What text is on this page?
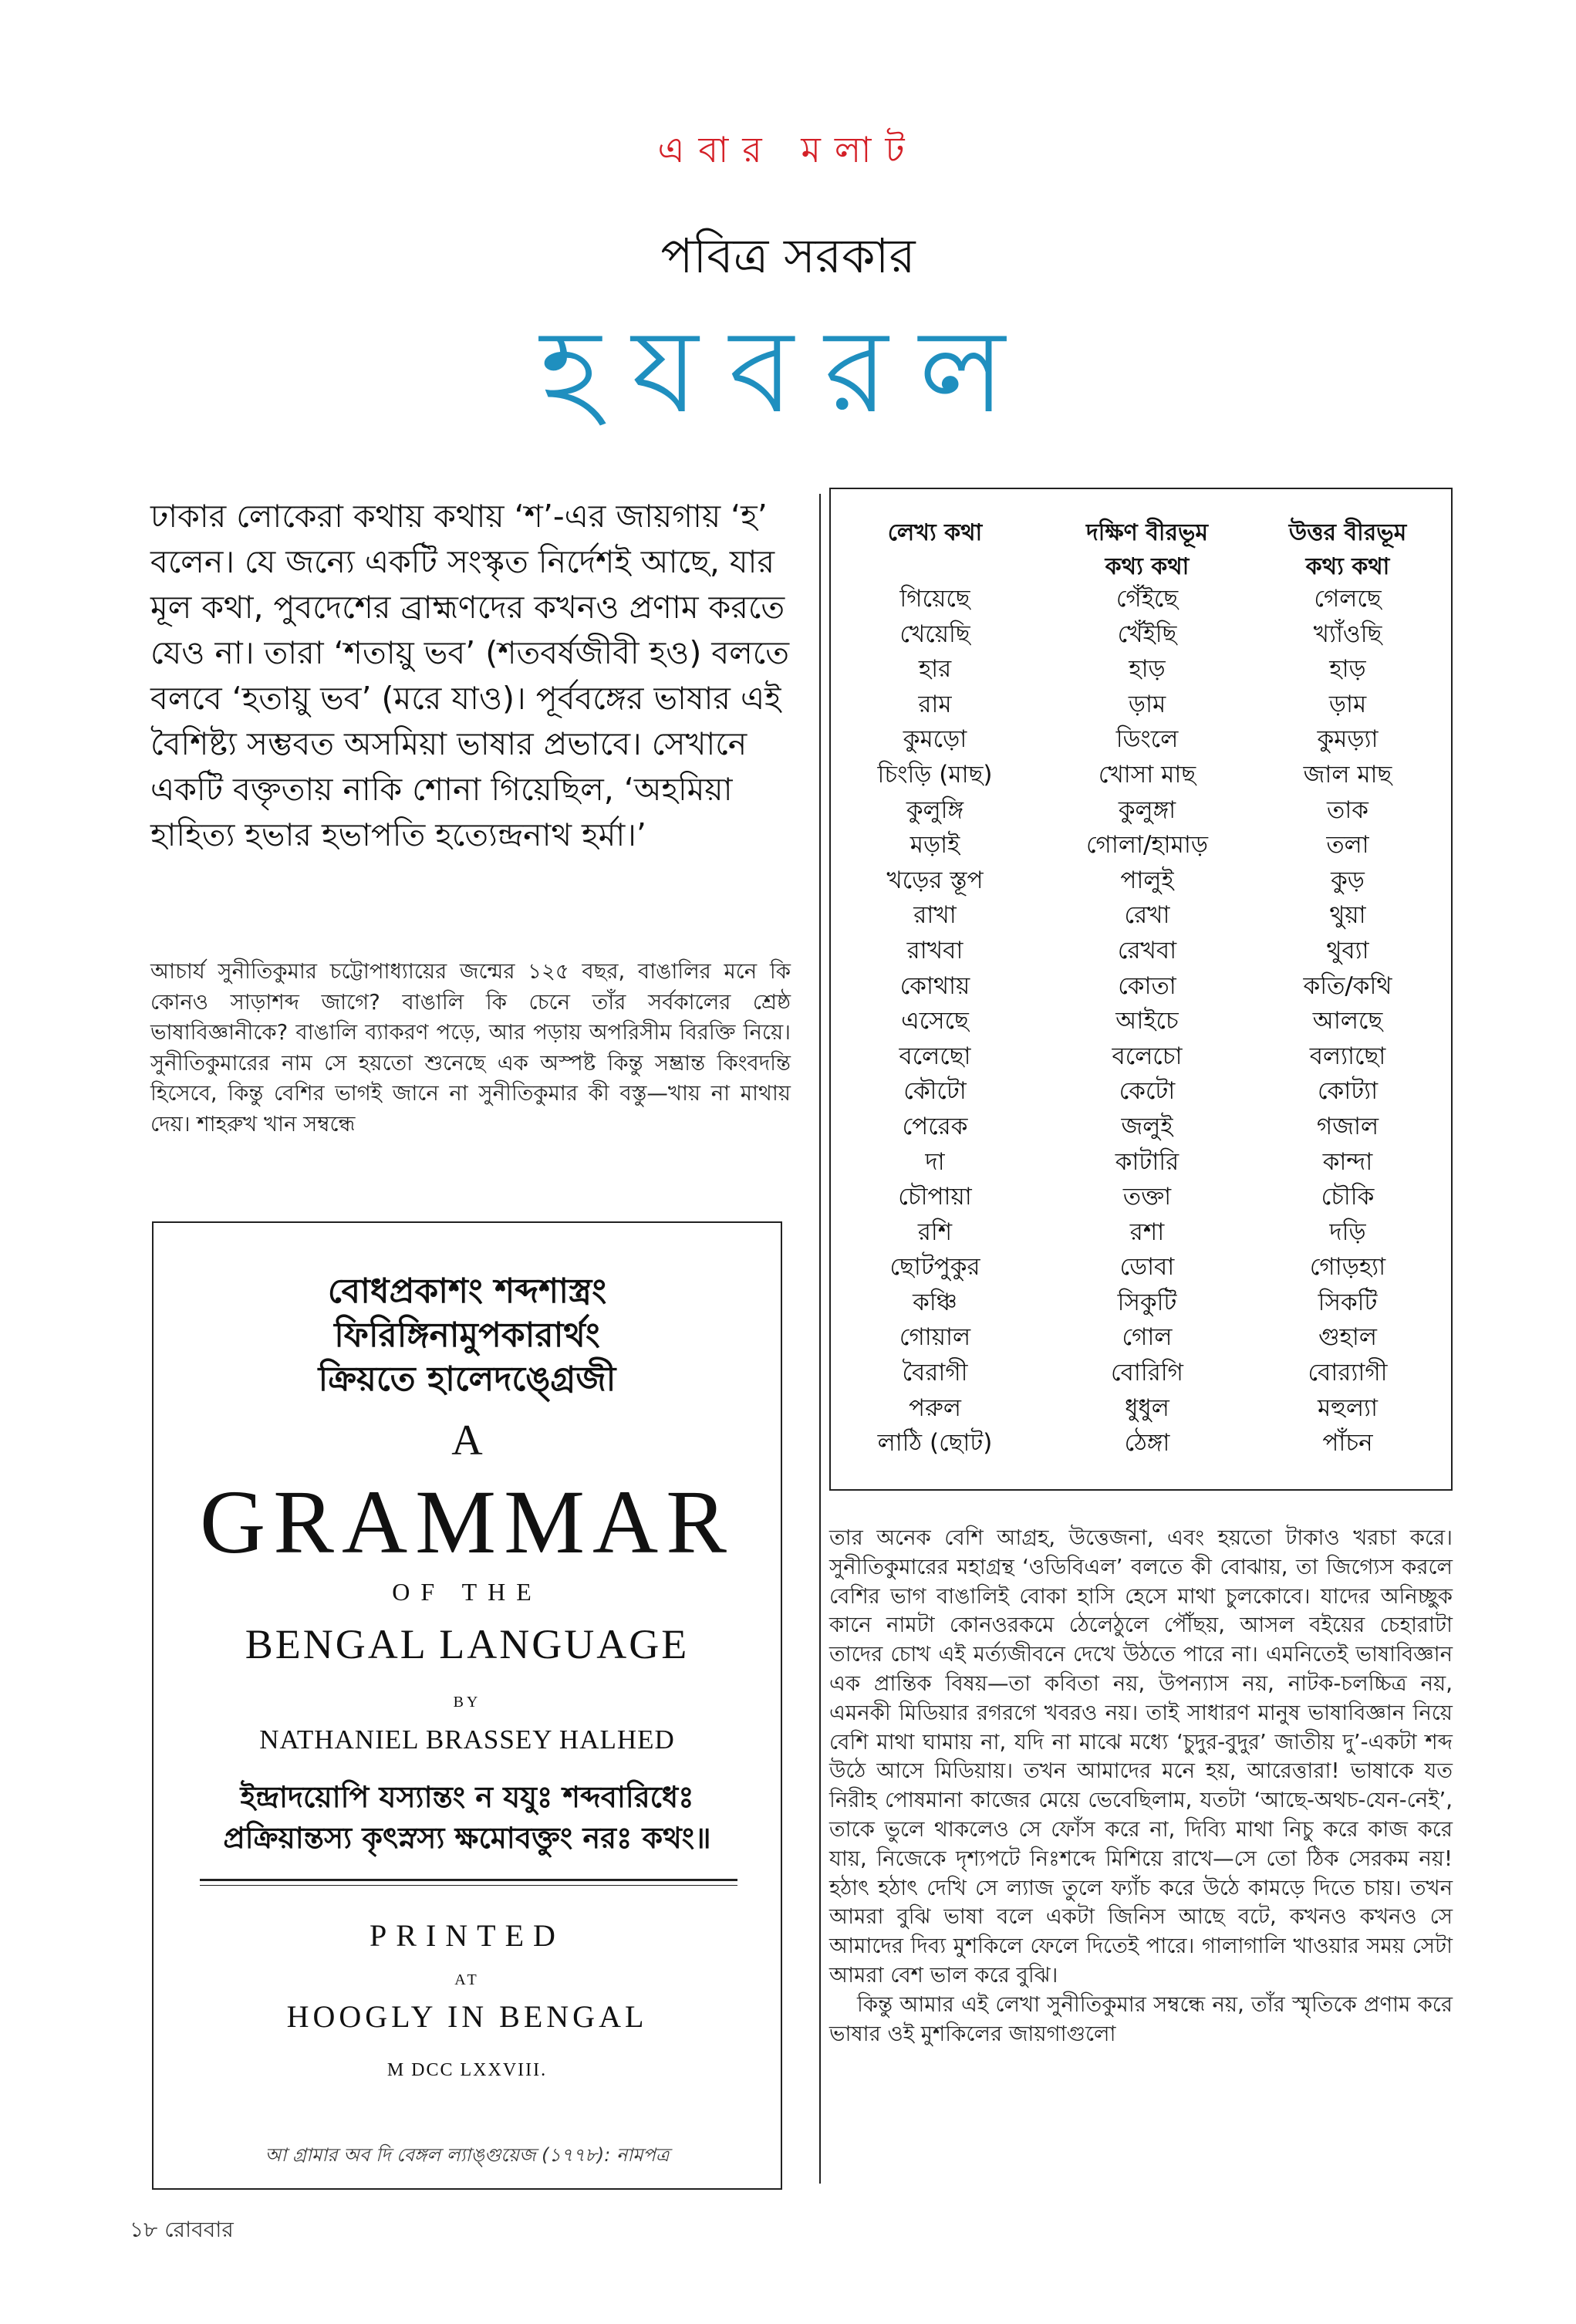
এবার মলাট
পবিত্র সরকার
হযবরল
ঢাকার লোকেরা কথায় কথায় ‘শ’-এর জায়গায় ‘হ’ বলেন। যে জন্যে একটি সংস্কৃত নির্দেশই আছে, যার মূল কথা, পুবদেশের ব্রাহ্মণদের কখনও প্রণাম করতে যেও না। তারা ‘শতায়ু ভব’ (শতবর্ষজীবী হও) বলতে বলবে ‘হতায়ু ভব’ (মরে যাও)। পূর্ববঙ্গের ভাষার এই বৈশিষ্ট্য সম্ভবত অসমিয়া ভাষার প্রভাবে। সেখানে একটি বক্তৃতায় নাকি শোনা গিয়েছিল, ‘অহমিয়া হাহিত্য হভার হভাপতি হত্যেন্দ্রনাথ হর্মা।’
আচার্য সুনীতিকুমার চট্টোপাধ্যায়ের জন্মের ১২৫ বছর, বাঙালির মনে কি কোনও সাড়াশব্দ জাগে? বাঙালি কি চেনে তাঁর সর্বকালের শ্রেষ্ঠ ভাষাবিজ্ঞানীকে? বাঙালি ব্যাকরণ পড়ে, আর পড়ায় অপরিসীম বিরক্তি নিয়ে। সুনীতিকুমারের নাম সে হয়তো শুনেছে এক অস্পষ্ট কিন্তু সম্ভ্রান্ত কিংবদন্তি হিসেবে, কিন্তু বেশির ভাগই জানে না সুনীতিকুমার কী বস্তু—খায় না মাথায় দেয়। শাহরুখ খান সম্বন্ধে
লেখ্য কথা	দক্ষিণ বীরভূম
কথ্য কথা
উত্তর বীরভূম
কথ্য কথা
গিয়েছে
খেয়েছি
হার
রাম
কুমড়ো
চিংড়ি (মাছ)
কুলুঙ্গি
মড়াই
খড়ের স্তূপ
রাখা
রাখবা
কোথায়
এসেছে
বলেছো
কৌটো
পেরেক
দা
চৌপায়া
রশি
ছোটপুকুর
কঞ্চি
গোয়াল
বৈরাগী
পরুল
লাঠি (ছোট)
গেঁইছে
খেঁইছি
হাড়
ড়াম
ডিংলে
খোসা মাছ
কুলুঙ্গা
গোলা/হামাড়
পালুই
রেখা
রেখবা
কোতা
আইচে
বলেচো
কেটো
জলুই
কাটারি
তক্তা
রশা
ডোবা
সিকুটি
গোল
বোরিগি
ধুধুল
ঠেঙ্গা
গেলছে
খ্যাঁওছি
হাড়
ড়াম
কুমড়্যা
জাল মাছ
তাক
তলা
কুড়
থুয়া
থুব্যা
কতি/কথি
আলছে
বল্যাছো
কোট্যা
গজাল
কান্দা
চৌকি
দড়ি
গোড়হ্যা
সিকটি
গুহাল
বোর‍্যাগী
মহুল্যা
পাঁচন

তার অনেক বেশি আগ্রহ, উত্তেজনা, এবং হয়তো টাকাও খরচা করে। সুনীতিকুমারের মহাগ্রন্থ ‘ওডিবিএল’ বলতে কী বোঝায়, তা জিগ্যেস করলে বেশির ভাগ বাঙালিই বোকা হাসি হেসে মাথা চুলকোবে। যাদের অনিচ্ছুক কানে নামটা কোনওরকমে ঠেলেঠুলে পৌঁছয়, আসল বইয়ের চেহারাটা তাদের চোখ এই মর্ত্যজীবনে দেখে উঠতে পারে না। এমনিতেই ভাষাবিজ্ঞান এক প্রান্তিক বিষয়—তা কবিতা নয়, উপন্যাস নয়, নাটক-চলচ্চিত্র নয়, এমনকী মিডিয়ার রগরগে খবরও নয়। তাই সাধারণ মানুষ ভাষাবিজ্ঞান নিয়ে বেশি মাথা ঘামায় না, যদি না মাঝে মধ্যে ‘চুদুর-বুদুর’ জাতীয় দু’-একটা শব্দ উঠে আসে মিডিয়ায়। তখন আমাদের মনে হয়, আরেত্তারা! ভাষাকে যত নিরীহ পোষমানা কাজের মেয়ে ভেবেছিলাম, যতটা ‘আছে-অথচ-যেন-নেই’, তাকে ভুলে থাকলেও সে ফোঁস করে না, দিব্যি মাথা নিচু করে কাজ করে যায়, নিজেকে দৃশ্যপটে নিঃশব্দে মিশিয়ে রাখে—সে তো ঠিক সেরকম নয়! হঠাৎ হঠাৎ দেখি সে ল্যাজ তুলে ফ্যাঁচ করে উঠে কামড়ে দিতে চায়। তখন আমরা বুঝি ভাষা বলে একটা জিনিস আছে বটে, কখনও কখনও সে আমাদের দিব্য মুশকিলে ফেলে দিতেই পারে। গালাগালি খাওয়ার সময় সেটা আমরা বেশ ভাল করে বুঝি।

কিন্তু আমার এই লেখা সুনীতিকুমার সম্বন্ধে নয়, তাঁর স্মৃতিকে প্রণাম করে ভাষার ওই মুশকিলের জায়গাগুলো

বোধপ্রকাশং শব্দশাস্ত্রং
ফিরিঙ্গিনামুপকারার্থং
ক্রিয়তে হালেদঙ্গ্রেজী
A
GRAMMAR
OF THE
BENGAL LANGUAGE
BY
NATHANIEL BRASSEY HALHED
ইন্দ্রাদয়োপি যস্যান্তং ন যযুঃ শব্দবারিধেঃ
প্রক্রিয়ান্তস্য কৃৎস্নস্য ক্ষমোবক্তুং নরঃ কথং॥
PRINTED
AT
HOOGLY IN BENGAL
M DCC LXXVIII.
আ গ্রামার অব দি বেঙ্গল ল্যাঙ্গুয়েজ (১৭৭৮): নামপত্র
১৮ রোববার
